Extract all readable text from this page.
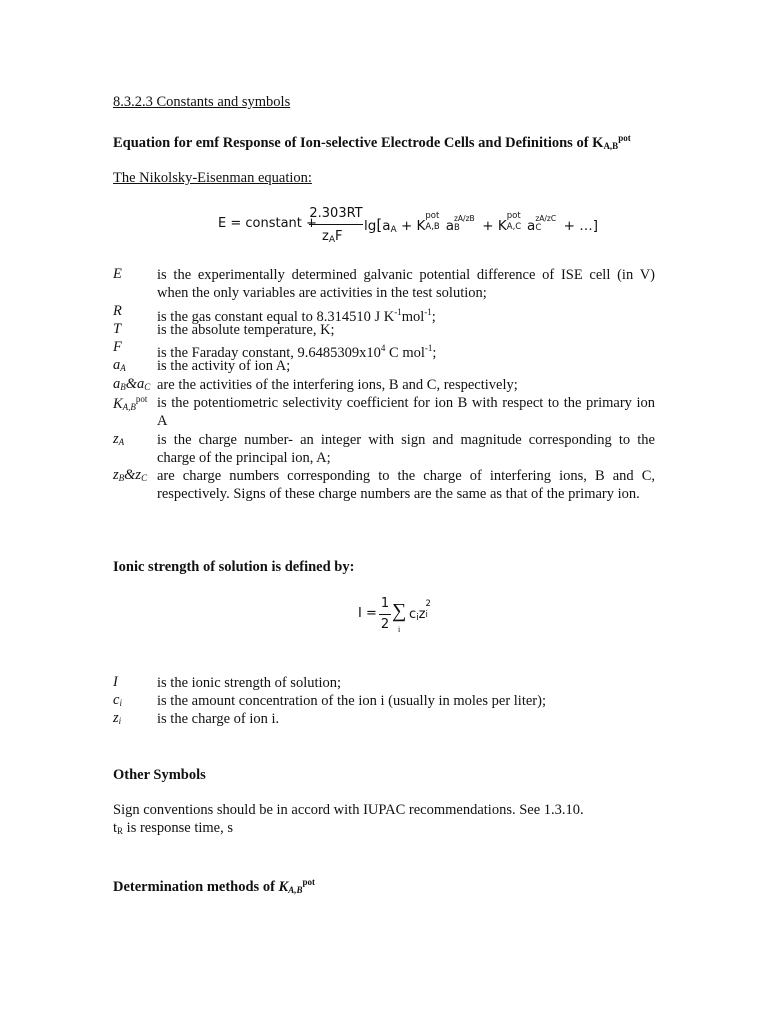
8.3.2.3 Constants and symbols
Equation for emf Response of Ion-selective Electrode Cells and Definitions of $K_{A,B}^{pot}$
The Nikolsky-Eisenman equation:
E = constant +
2.303RT
$z_AF$
$\lg[a_A + K$
pot
A,B a zA/zB
B + K
pot
A,C a zA/zC
C + …]
E is the experimentally determined galvanic potential difference of ISE cell (in V) when the only variables are activities in the test solution;
R is the gas constant equal to 8.314510 J $K^{-1}mol^{-1}$;
T is the absolute temperature, K;
F is the Faraday constant, $9.6485309x10^4$ C mol$^{-1}$;
aA is the activity of ion A;
aB&aC are the activities of the interfering ions, B and C, respectively;
$KA,B^{pot}$ is the potentiometric selectivity coefficient for ion B with respect to the primary ion A
zA is the charge number- an integer with sign and magnitude corresponding to the charge of the principal ion, A;
zB&zC are charge numbers corresponding to the charge of interfering ions, B and C, respectively. Signs of these charge numbers are the same as that of the primary ion.
Ionic strength of solution is defined by:
I =
1
2
∑
i
$c_iz$
2
i
I	is the ionic strength of solution;
ci is the amount concentration of the ion i (usually in moles per liter);
zi is the charge of ion i.
Other Symbols
Sign conventions should be in accord with IUPAC recommendations. See 1.3.10.
$t_R$ is response time, s
Determination methods of $K_{A,B}^{pot}$
